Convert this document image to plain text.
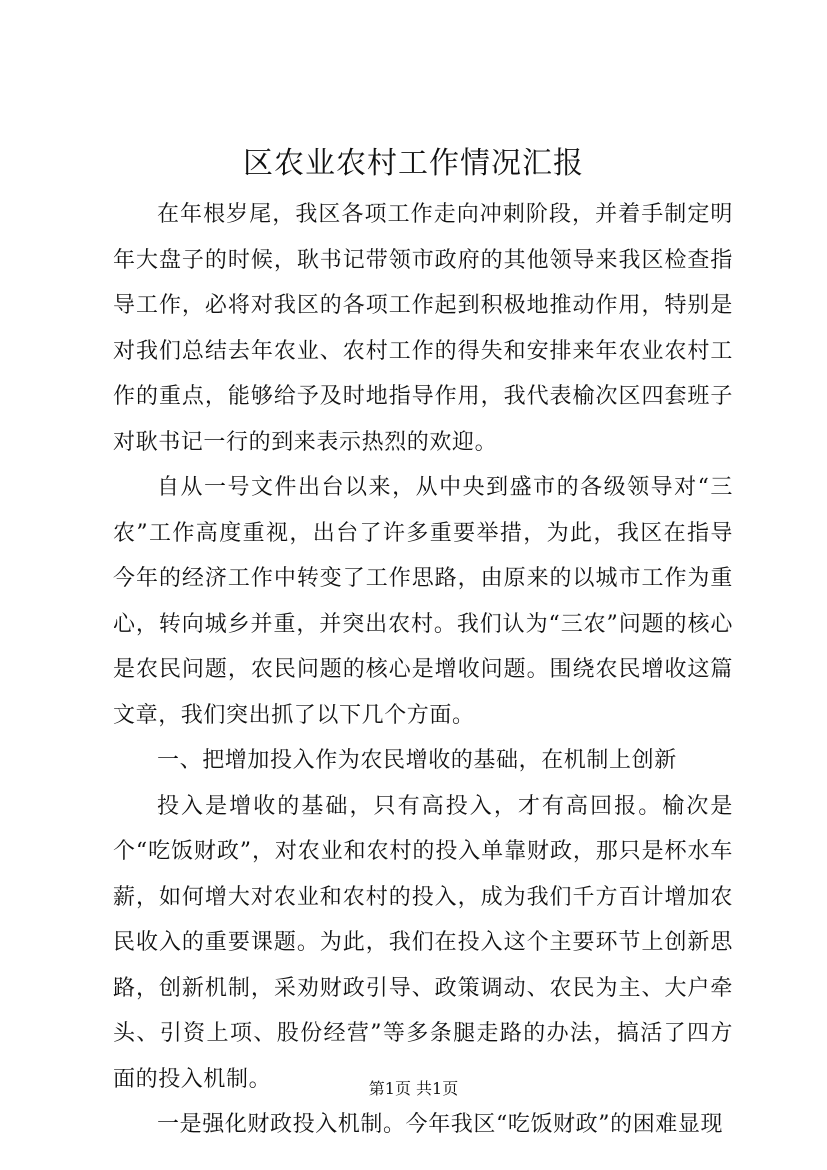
区农业农村工作情况汇报

在年根岁尾，我区各项工作走向冲刺阶段，并着手制定明年大盘子的时候，耿书记带领市政府的其他领导来我区检查指导工作，必将对我区的各项工作起到积极地推动作用，特别是对我们总结去年农业、农村工作的得失和安排来年农业农村工作的重点，能够给予及时地指导作用，我代表榆次区四套班子对耿书记一行的到来表示热烈的欢迎。

自从一号文件出台以来，从中央到盛市的各级领导对“三农”工作高度重视，出台了许多重要举措，为此，我区在指导今年的经济工作中转变了工作思路，由原来的以城市工作为重心，转向城乡并重，并突出农村。我们认为“三农”问题的核心是农民问题，农民问题的核心是增收问题。围绕农民增收这篇文章，我们突出抓了以下几个方面。

一、把增加投入作为农民增收的基础，在机制上创新

投入是增收的基础，只有高投入，才有高回报。榆次是个“吃饭财政”，对农业和农村的投入单靠财政，那只是杯水车薪，如何增大对农业和农村的投入，成为我们千方百计增加农民收入的重要课题。为此，我们在投入这个主要环节上创新思路，创新机制，采劝财政引导、政策调动、农民为主、大户牵头、引资上项、股份经营”等多条腿走路的办法，搞活了四方面的投入机制。

一是强化财政投入机制。今年我区“吃饭财政”的困难显现

第1页 共1页
